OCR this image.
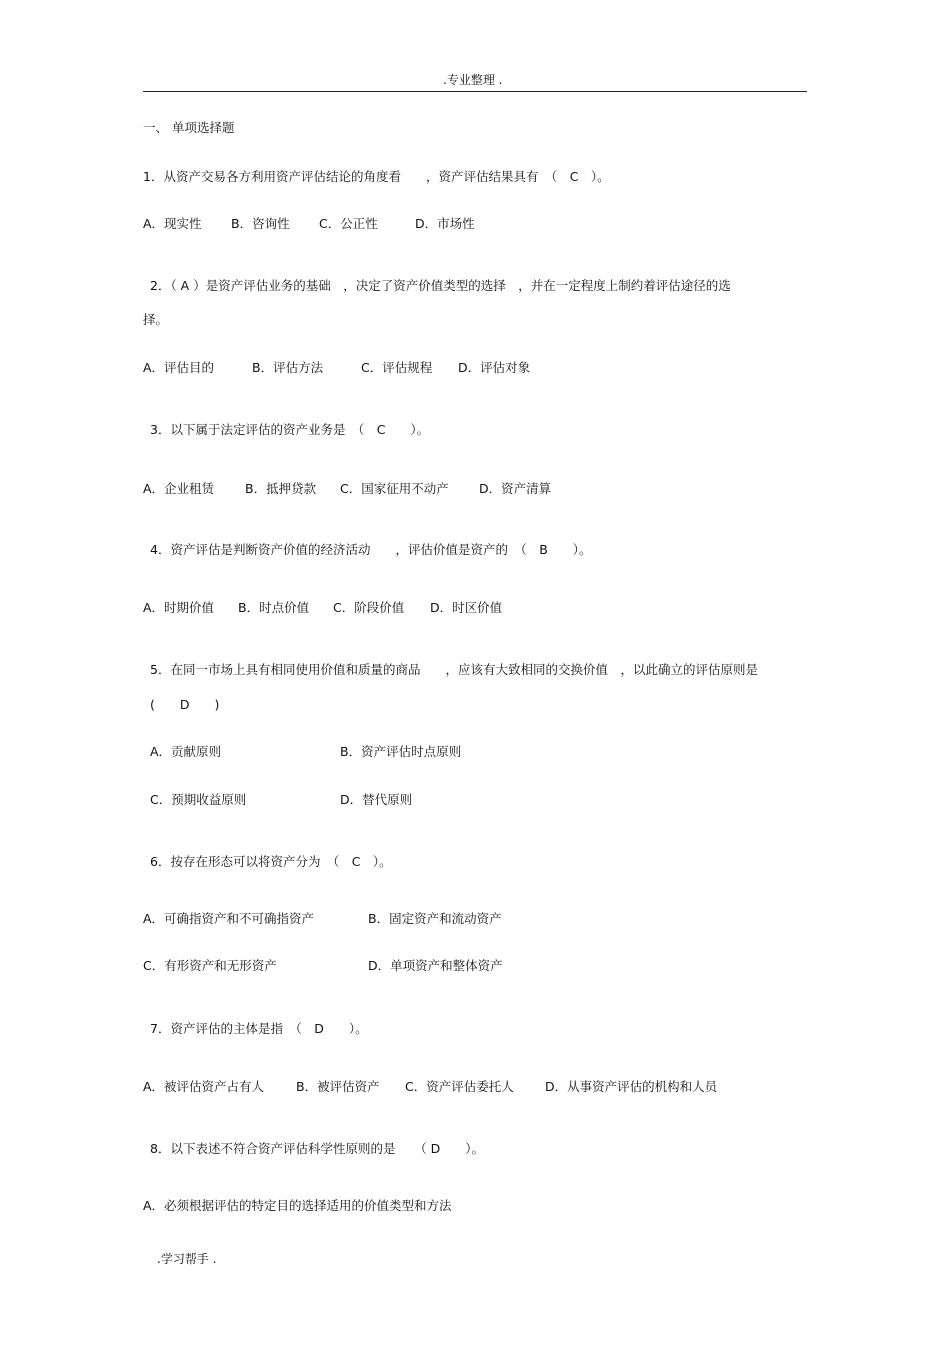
.专业整理 .
一、 单项选择题
1．从资产交易各方利用资产评估结论的角度看　　，资产评估结果具有　（　C　）。
A．现实性 B．咨询性 C．公正性	D．市场性
2．（ A ）是资产评估业务的基础　，决定了资产价值类型的选择　，并在一定程度上制约着评估途径的选
择。
A．评估目的	B．评估方法	C．评估规程 D．评估对象
3．以下属于法定评估的资产业务是　（　C　　）。
A．企业租赁 B．抵押贷款 C．国家征用不动产 D．资产清算
4．资产评估是判断资产价值的经济活动　　，评估价值是资产的　（　B　　）。
A．时期价值 B．时点价值 C．阶段价值 D．时区价值
5．在同一市场上具有相同使用价值和质量的商品　　，应该有大致相同的交换价值　，以此确立的评估原则是
(　　D　　)
A．贡献原则	B．资产评估时点原则
C．预期收益原则	D．替代原则
6．按存在形态可以将资产分为　（　C　）。
A．可确指资产和不可确指资产	B．固定资产和流动资产
C．有形资产和无形资产	D．单项资产和整体资产
7．资产评估的主体是指　（　D　　）。
A．被评估资产占有人	B．被评估资产 C．资产评估委托人	D．从事资产评估的机构和人员
8．以下表述不符合资产评估科学性原则的是　　（ D　　）。
A．必须根据评估的特定目的选择适用的价值类型和方法
.学习帮手 .
